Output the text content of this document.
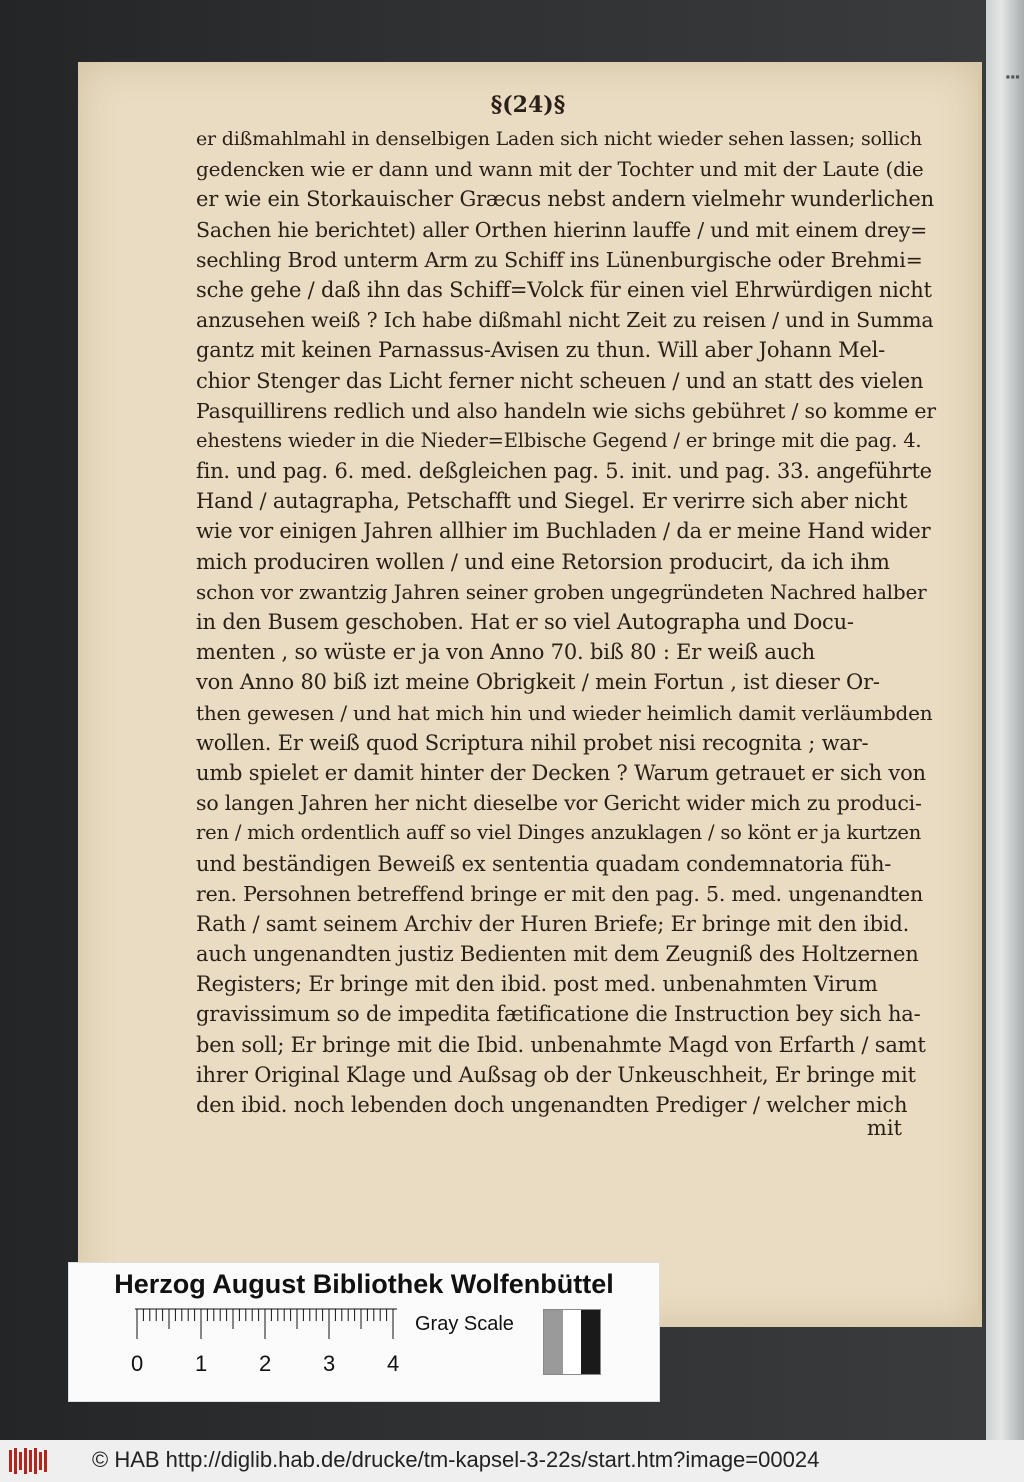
▪▪▪
§(24)§
er dißmahlmahl in denselbigen Laden sich nicht wieder sehen lassen; sollich
gedencken wie er dann und wann mit der Tochter und mit der Laute (die
er wie ein Storkauischer Græcus nebst andern vielmehr wunderlichen
Sachen hie berichtet) aller Orthen hierinn lauffe / und mit einem drey=
sechling Brod unterm Arm zu Schiff ins Lünenburgische oder Brehmi=
sche gehe / daß ihn das Schiff=Volck für einen viel Ehrwürdigen nicht
anzusehen weiß ? Ich habe dißmahl nicht Zeit zu reisen / und in Summa
gantz mit keinen Parnassus-Avisen zu thun. Will aber Johann Mel-
chior Stenger das Licht ferner nicht scheuen / und an statt des vielen
Pasquillirens redlich und also handeln wie sichs gebühret / so komme er
ehestens wieder in die Nieder=Elbische Gegend / er bringe mit die pag. 4.
fin. und pag. 6. med. deßgleichen pag. 5. init. und pag. 33. angeführte
Hand / autagrapha, Petschafft und Siegel. Er verirre sich aber nicht
wie vor einigen Jahren allhier im Buchladen / da er meine Hand wider
mich produciren wollen / und eine Retorsion producirt, da ich ihm
schon vor zwantzig Jahren seiner groben ungegründeten Nachred halber
in den Busem geschoben. Hat er so viel Autographa und Docu-
menten , so wüste er ja von Anno 70. biß 80 : Er weiß auch
von Anno 80 biß izt meine Obrigkeit / mein Fortun , ist dieser Or-
then gewesen / und hat mich hin und wieder heimlich damit verläumbden
wollen. Er weiß quod Scriptura nihil probet nisi recognita ; war-
umb spielet er damit hinter der Decken ? Warum getrauet er sich von
so langen Jahren her nicht dieselbe vor Gericht wider mich zu produci-
ren / mich ordentlich auff so viel Dinges anzuklagen / so könt er ja kurtzen
und beständigen Beweiß ex sententia quadam condemnatoria füh-
ren. Persohnen betreffend bringe er mit den pag. 5. med. ungenandten
Rath / samt seinem Archiv der Huren Briefe; Er bringe mit den ibid.
auch ungenandten justiz Bedienten mit dem Zeugniß des Holtzernen
Registers; Er bringe mit den ibid. post med. unbenahmten Virum
gravissimum so de impedita fætificatione die Instruction bey sich ha-
ben soll; Er bringe mit die Ibid. unbenahmte Magd von Erfarth / samt
ihrer Original Klage und Außsag ob der Unkeuschheit, Er bringe mit
den ibid. noch lebenden doch ungenandten Prediger / welcher mich
mit
Herzog August Bibliothek Wolfenbüttel
0 1 2 3 4
Gray Scale
© HAB http://diglib.hab.de/drucke/tm-kapsel-3-22s/start.htm?image=00024
